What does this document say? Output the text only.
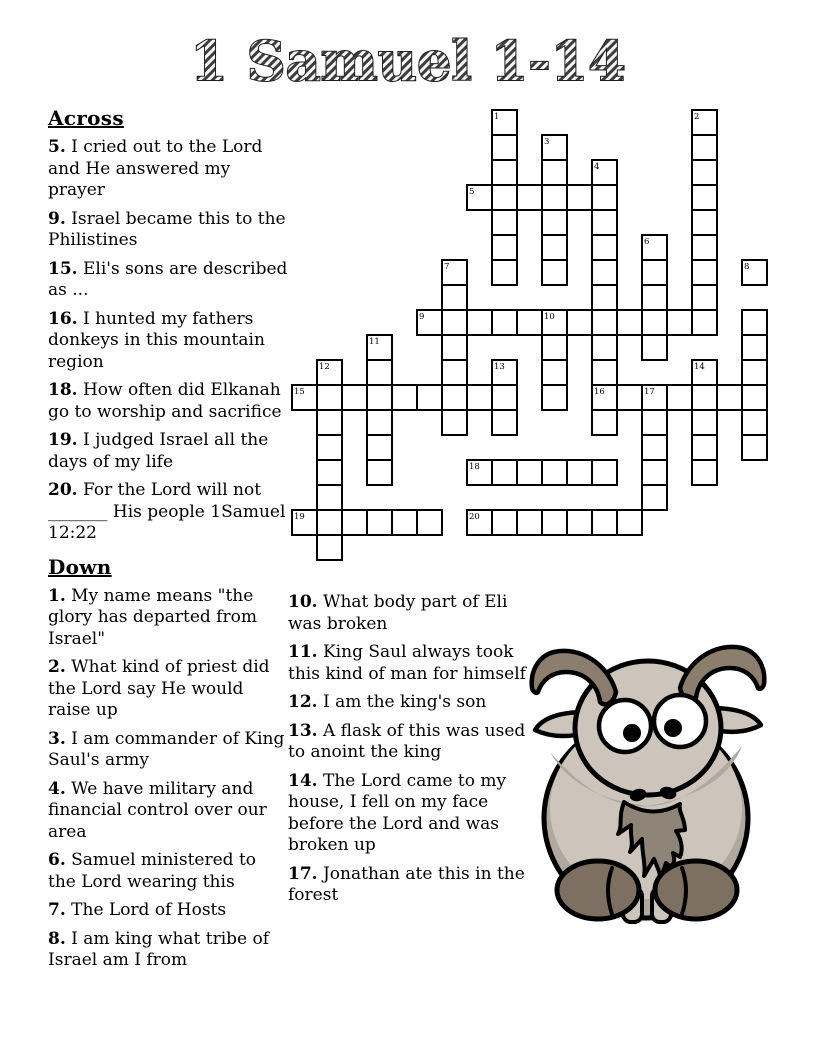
1 Samuel 1-14
Across

5. I cried out to the Lord and He answered my prayer

9. Israel became this to the Philistines

15. Eli's sons are described as ...

16. I hunted my fathers donkeys in this mountain region

18. How often did Elkanah go to worship and sacrifice

19. I judged Israel all the days of my life

20. For the Lord will not _______ His people 1Samuel 12:22

Down

1. My name means "the glory has departed from Israel"

2. What kind of priest did the Lord say He would raise up

3. I am commander of King Saul's army

4. We have military and financial control over our area

6. Samuel ministered to the Lord wearing this

7. The Lord of Hosts

8. I am king what tribe of Israel am I from

10. What body part of Eli was broken

11. King Saul always took this kind of man for himself

12. I am the king's son

13. A flask of this was used to anoint the king

14. The Lord came to my house, I fell on my face before the Lord and was broken up

17. Jonathan ate this in the forest

1	2
3
4
5
6
7	8
9	10
11
12	13	14
15	16	17
18
19	20
